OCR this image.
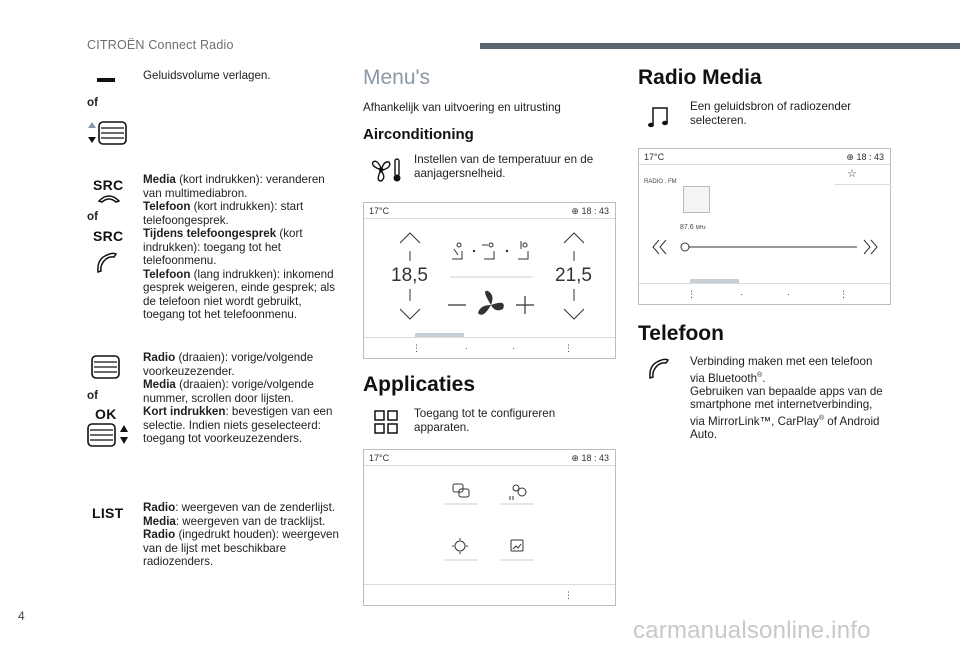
CITROËN Connect Radio
Geluidsvolume verlagen.
of
SRC
of
SRC
Media (kort indrukken): veranderen van multimediabron.
Telefoon (kort indrukken): start telefoongesprek.
Tijdens telefoongesprek (kort indrukken): toegang tot het telefoonmenu.
Telefoon (lang indrukken): inkomend gesprek weigeren, einde gesprek; als de telefoon niet wordt gebruikt, toegang tot het telefoonmenu.
of
OK
Radio (draaien): vorige/volgende voorkeuzezender.
Media (draaien): vorige/volgende nummer, scrollen door lijsten.
Kort indrukken: bevestigen van een selectie. Indien niets geselecteerd: toegang tot voorkeuzezenders.
LIST Radio: weergeven van de zenderlijst.
Media: weergeven van de tracklijst.
Radio (ingedrukt houden): weergeven van de lijst met beschikbare radiozenders.
Menu's
Afhankelijk van uitvoering en uitrusting
Airconditioning
Instellen van de temperatuur en de aanjagersnelheid.
17°C	⊕ 18 : 43
18,5	21,5
⋮	·	·	⋮
Applicaties
Toegang tot te configureren apparaten.
17°C	⊕ 18 : 43
⋮
Radio Media
Een geluidsbron of radiozender selecteren.
17°C	⊕ 18 : 43
RADIO . FM
☆
87.6 MHz
⋮	·	·	⋮
Telefoon
Verbinding maken met een telefoon via Bluetooth®.
Gebruiken van bepaalde apps van de smartphone met internetverbinding, via MirrorLink™, CarPlay® of Android Auto.
4
carmanualsonline.info
